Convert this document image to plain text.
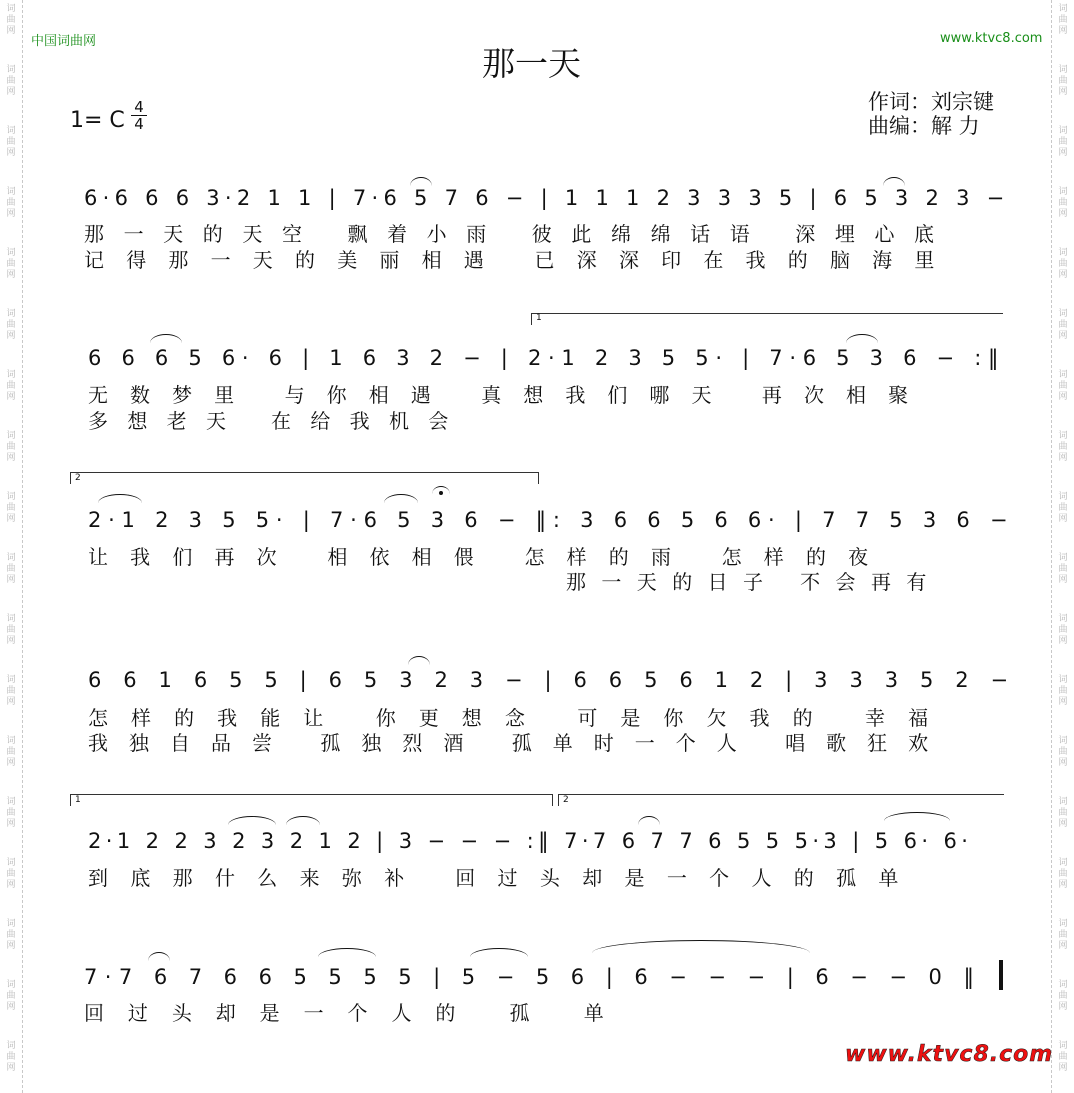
词
曲
网
词
曲
网
词
曲
网
词
曲
网
词
曲
网
词
曲
网
词
曲
网
词
曲
网
词
曲
网
词
曲
网
词
曲
网
词
曲
网
词
曲
网
词
曲
网
词
曲
网
词
曲
网
词
曲
网
词
曲
网
词
曲
网
词
曲
网
词
曲
网
词
曲
网
词
曲
网
词
曲
网
词
曲
网
词
曲
网
词
曲
网
词
曲
网
词
曲
网
词
曲
网
词
曲
网
词
曲
网
词
曲
网
词
曲
网
词
曲
网
词
曲
网
中国词曲网	www.ktvc8.com
那一天
1= C
4
4
作词：刘宗键
曲编：解 力
6·6 6 6 3·2 1 1 | 7·6 5 7 6 − | 1 1 1 2 3 3 3 5 | 6 5 3 2 3 −
那一天的天空 飘着小雨 彼此绵绵话语 深埋心底
记得那一天的美丽相遇 已深深印在我的脑海里
6 6 6 5 6· 6 | 1 6 3 2 − | 2·1 2 3 5 5· | 7·6 5 3 6 − :‖
无数梦里 与你相遇 真想我们哪天 再次相聚
多想老天 在给我机会
2·1 2 3 5 5· | 7·6 5 3 6 − ‖: 3 6 6 5 6 6· | 7 7 5 3 6 −
让我们再次 相依相偎 怎样的雨 怎样的夜
那一天的日子 不会再有
6 6 1 6 5 5 | 6 5 3 2 3 − | 6 6 5 6 1 2 | 3 3 3 5 2 −
怎样的我能让 你更想念 可是你欠我的 幸福
我独自品尝 孤独烈酒 孤单时一个人 唱歌狂欢
2·1 2 2 3 2 3 2 1 2 | 3 − − − :‖ 7·7 6 7 7 6 5 5 5·3 | 5 6· 6·
到底那什么来弥补 回过头却是一个人的孤单
7·7 6 7 6 6 5 5 5 5 | 5 − 5 6 | 6 − − − | 6 − − 0 ‖
回过头却是一个人的 孤 单
1
2
1	2
www.ktvc8.com
